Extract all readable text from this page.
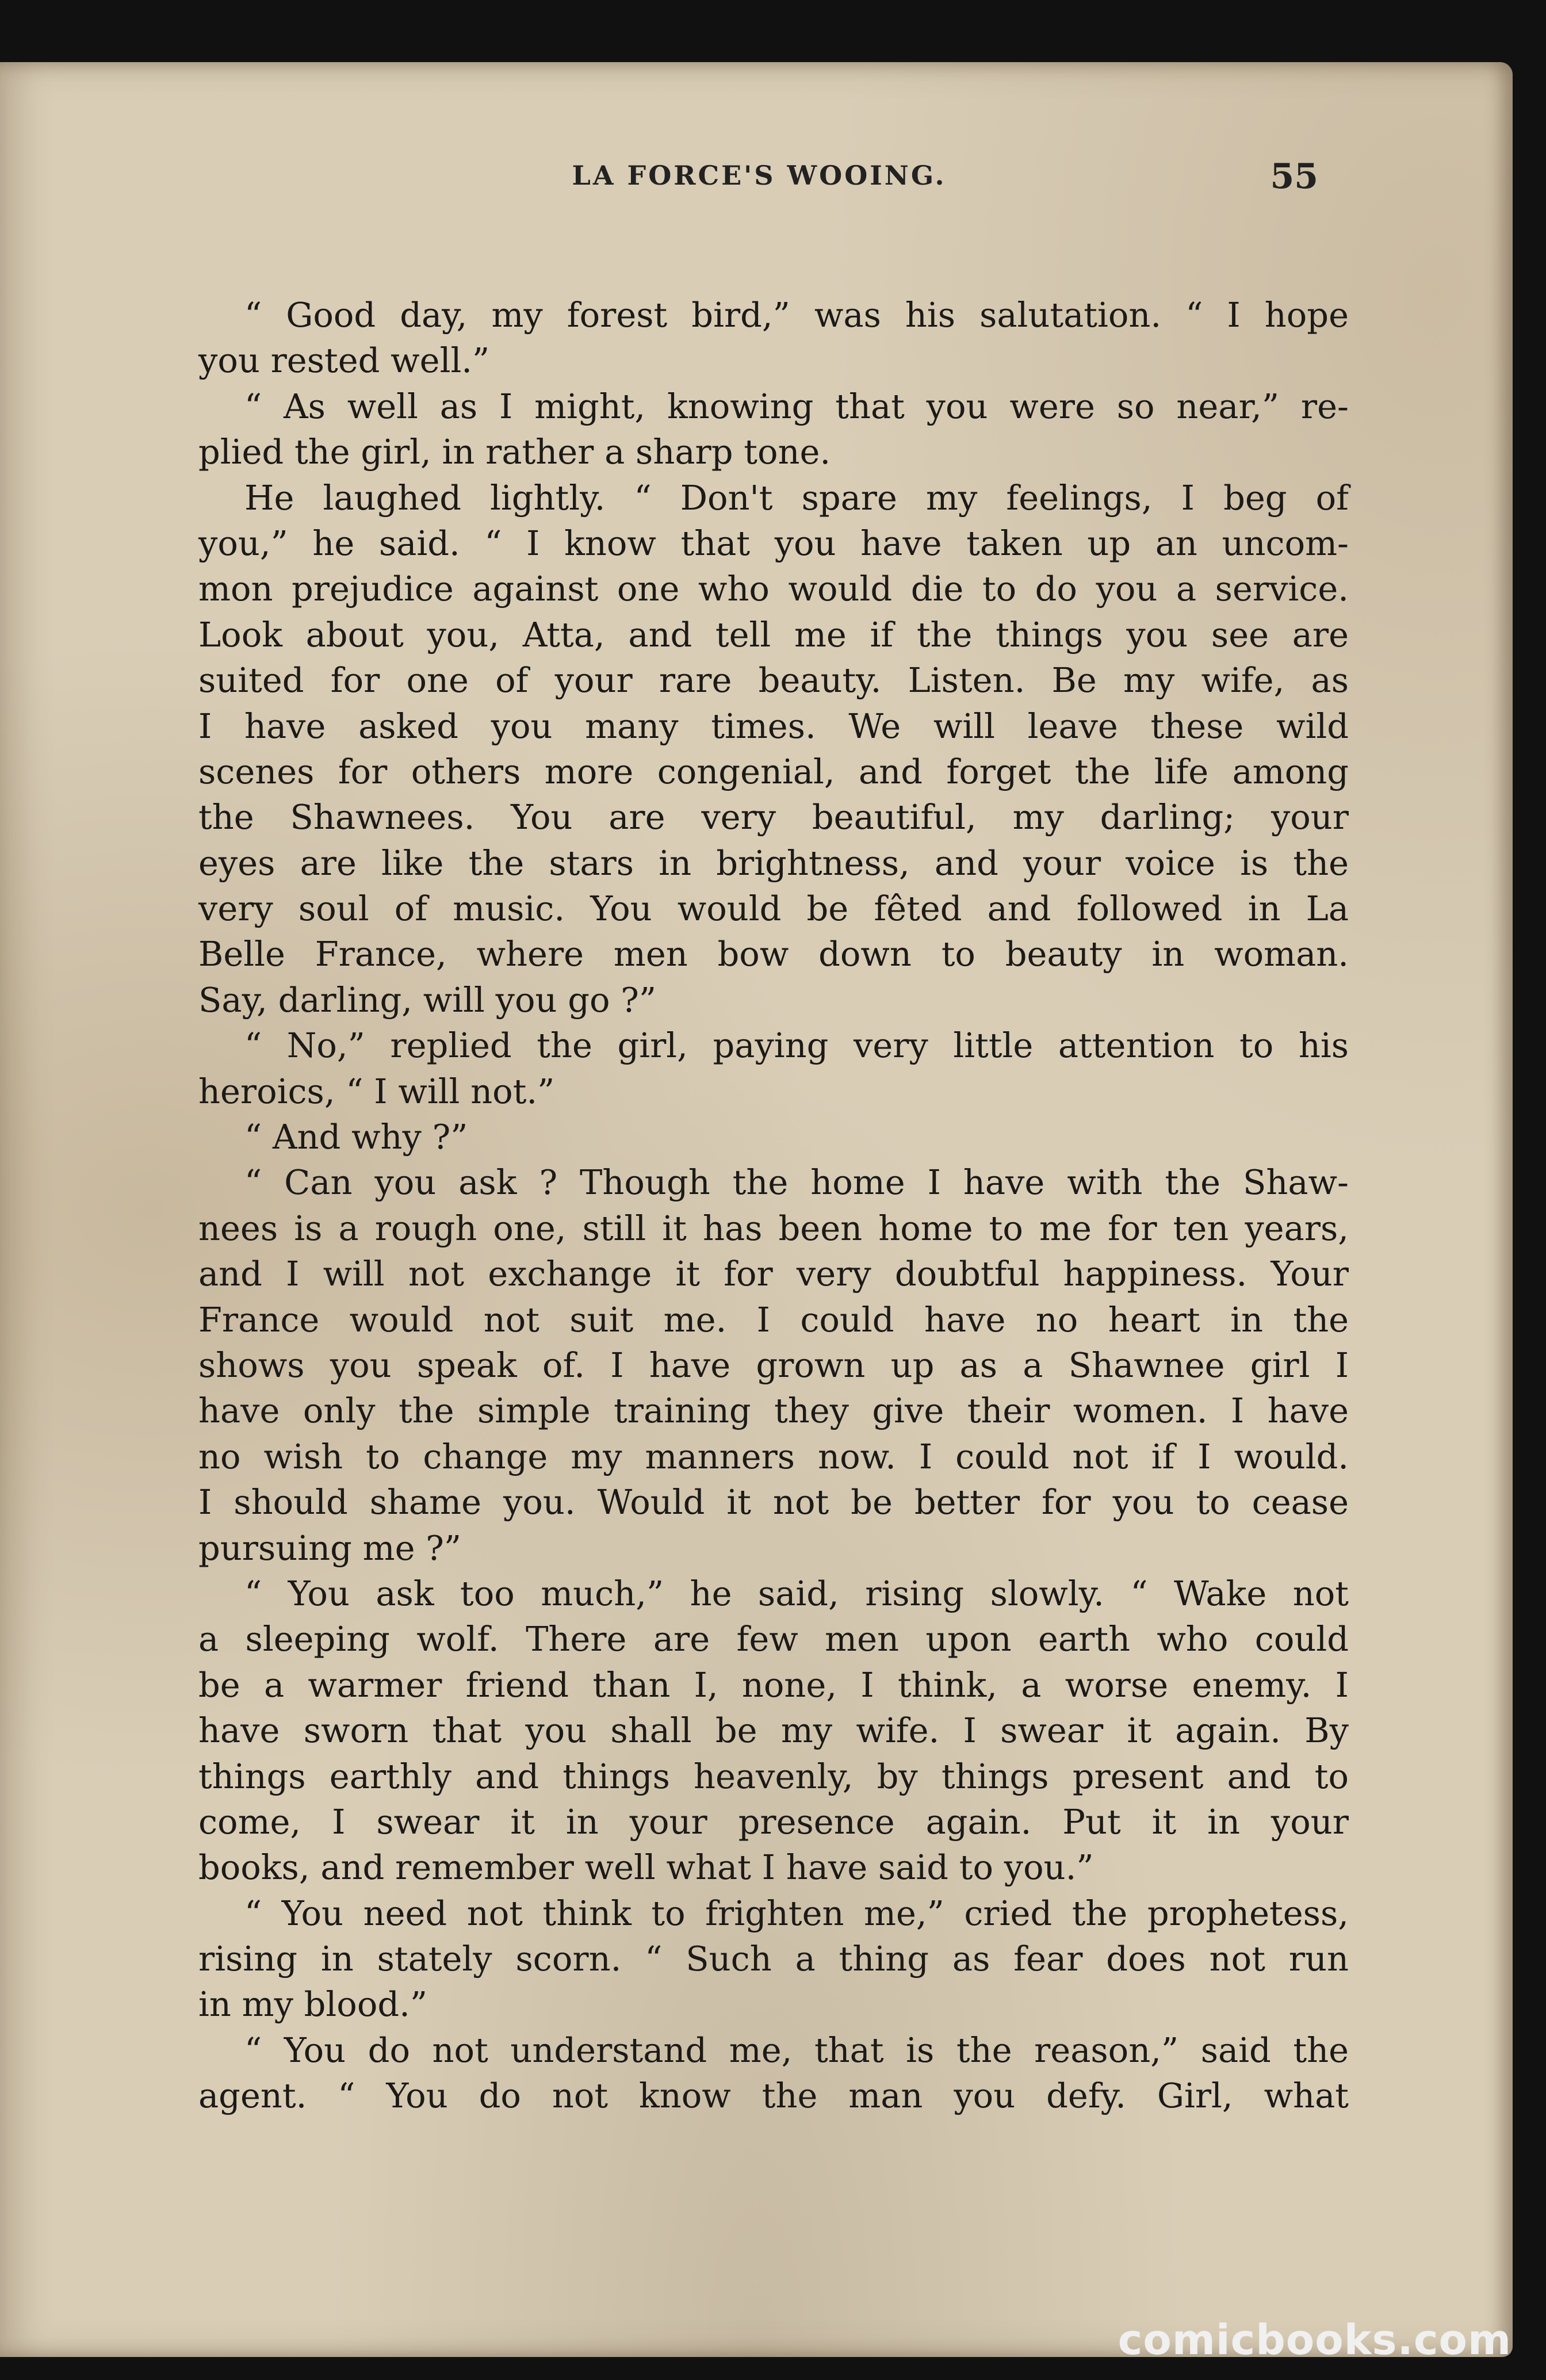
LA FORCE'S WOOING.	55
“ Good day, my forest bird,” was his salutation. “ I hope
you rested well.”
“ As well as I might, knowing that you were so near,” re-
plied the girl, in rather a sharp tone.
He laughed lightly. “ Don't spare my feelings, I beg of
you,” he said. “ I know that you have taken up an uncom-
mon prejudice against one who would die to do you a service.
Look about you, Atta, and tell me if the things you see are
suited for one of your rare beauty. Listen. Be my wife, as
I have asked you many times. We will leave these wild
scenes for others more congenial, and forget the life among
the Shawnees. You are very beautiful, my darling; your
eyes are like the stars in brightness, and your voice is the
very soul of music. You would be fêted and followed in La
Belle France, where men bow down to beauty in woman.
Say, darling, will you go ?”
“ No,” replied the girl, paying very little attention to his
heroics, “ I will not.”
“ And why ?”
“ Can you ask ? Though the home I have with the Shaw-
nees is a rough one, still it has been home to me for ten years,
and I will not exchange it for very doubtful happiness. Your
France would not suit me. I could have no heart in the
shows you speak of. I have grown up as a Shawnee girl I
have only the simple training they give their women. I have
no wish to change my manners now. I could not if I would.
I should shame you. Would it not be better for you to cease
pursuing me ?”
“ You ask too much,” he said, rising slowly. “ Wake not
a sleeping wolf. There are few men upon earth who could
be a warmer friend than I, none, I think, a worse enemy. I
have sworn that you shall be my wife. I swear it again. By
things earthly and things heavenly, by things present and to
come, I swear it in your presence again. Put it in your
books, and remember well what I have said to you.”
“ You need not think to frighten me,” cried the prophetess,
rising in stately scorn. “ Such a thing as fear does not run
in my blood.”
“ You do not understand me, that is the reason,” said the
agent. “ You do not know the man you defy. Girl, what
comicbooks.com
